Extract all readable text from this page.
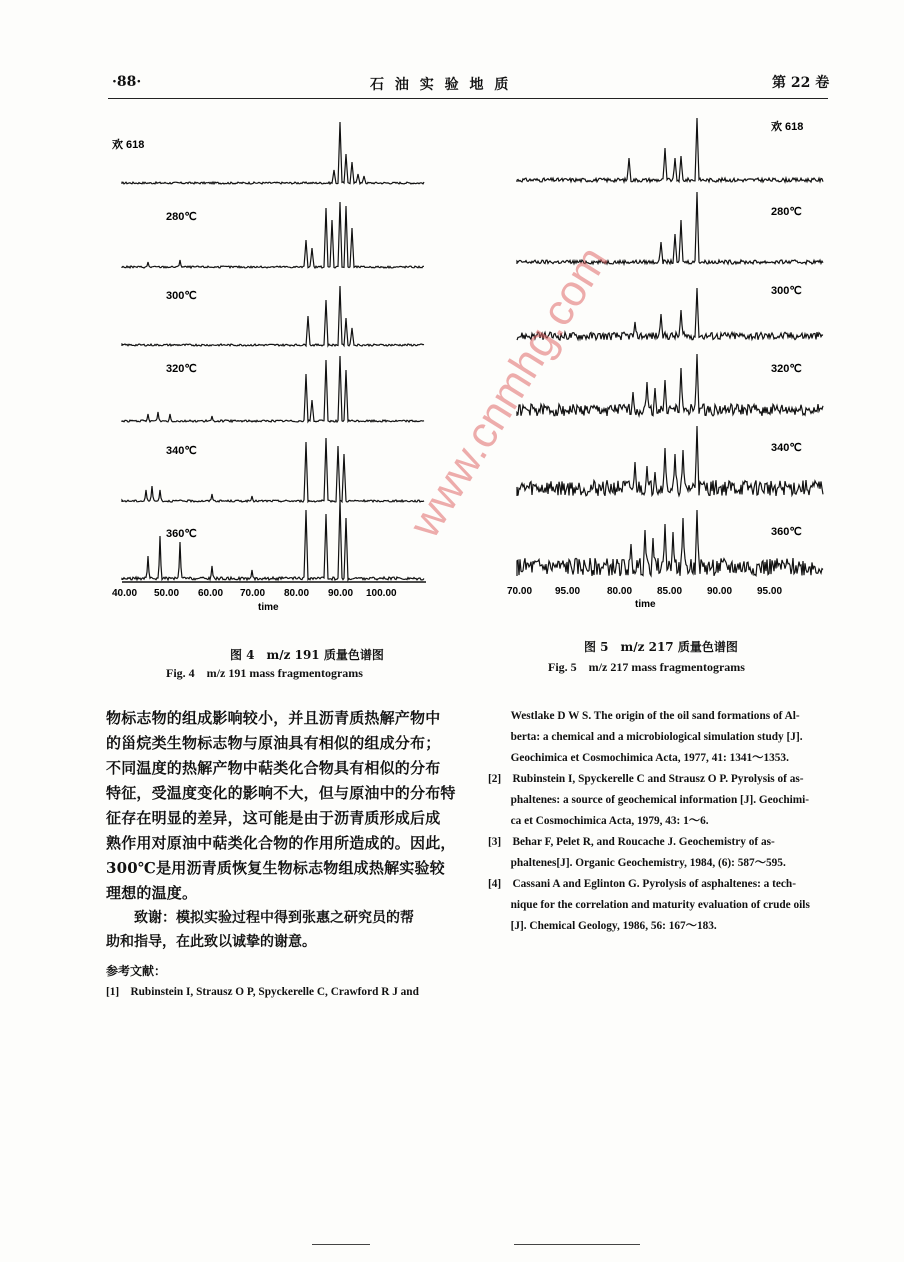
·88·	石 油 实 验 地 质	第 22 卷
欢 618
280℃
300℃
320℃
340℃
360℃
40.00 50.00 60.00 70.00 80.00 90.00 100.00
time
图 4　m/z 191 质量色谱图
Fig. 4　m/z 191 mass fragmentograms
欢 618
280℃
300℃
320℃
340℃
360℃
70.00 95.00	80.00 85.00 90.00 95.00
time
图 5　m/z 217 质量色谱图
Fig. 5　m/z 217 mass fragmentograms
www.cnmhg.com
物标志物的组成影响较小，并且沥青质热解产物中
的甾烷类生物标志物与原油具有相似的组成分布；
不同温度的热解产物中萜类化合物具有相似的分布
特征，受温度变化的影响不大，但与原油中的分布特
征存在明显的差异，这可能是由于沥青质形成后成
熟作用对原油中萜类化合物的作用所造成的。因此，
300℃是用沥青质恢复生物标志物组成热解实验较
理想的温度。
　　致谢：模拟实验过程中得到张惠之研究员的帮
助和指导，在此致以诚挚的谢意。
参考文献：
[1]　Rubinstein I, Strausz O P, Spyckerelle C, Crawford R J and
　　Westlake D W S. The origin of the oil sand formations of Al-
　　berta: a chemical and a microbiological simulation study [J].
　　Geochimica et Cosmochimica Acta, 1977, 41: 1341～1353.
[2]　Rubinstein I, Spyckerelle C and Strausz O P. Pyrolysis of as-
　　phaltenes: a source of geochemical information [J]. Geochimi-
　　ca et Cosmochimica Acta, 1979, 43: 1～6.
[3]　Behar F, Pelet R, and Roucache J. Geochemistry of as-
　　phaltenes[J]. Organic Geochemistry, 1984, (6): 587～595.
[4]　Cassani A and Eglinton G. Pyrolysis of asphaltenes: a tech-
　　nique for the correlation and maturity evaluation of crude oils
　　[J]. Chemical Geology, 1986, 56: 167～183.
